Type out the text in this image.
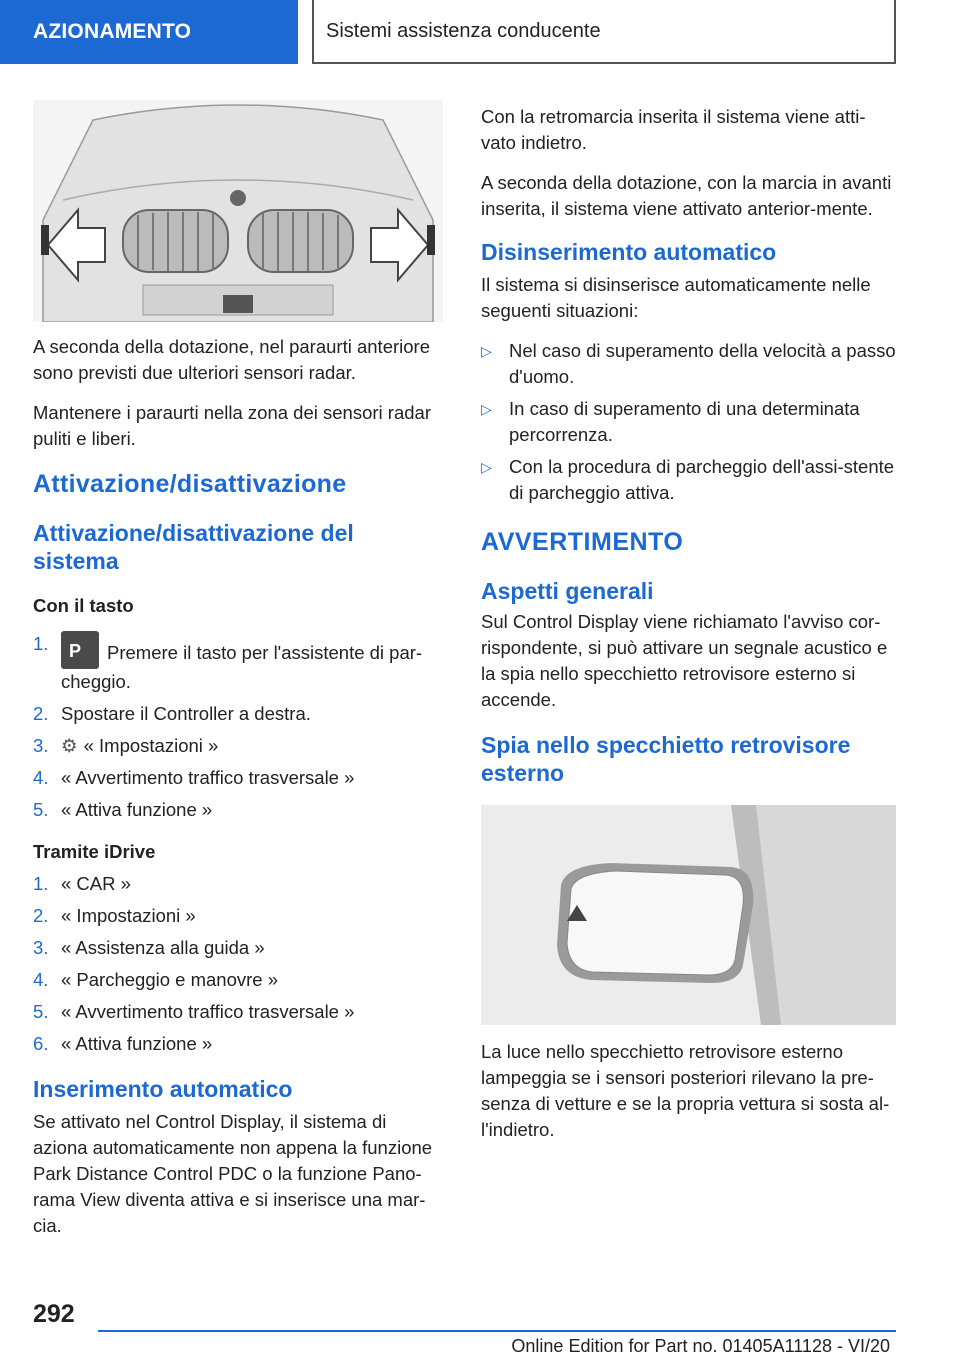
AZIONAMENTO	Sistemi assistenza conducente

A seconda della dotazione, nel paraurti anteriore sono previsti due ulteriori sensori radar.

Mantenere i paraurti nella zona dei sensori radar puliti e liberi.

Attivazione/disattivazione
Attivazione/disattivazione del sistema
Con il tasto
1.
P	Premere il tasto per l'assistente di par-cheggio.
2. Spostare il Controller a destra.
3. ⚙ « Impostazioni »
4. « Avvertimento traffico trasversale »
5. « Attiva funzione »
Tramite iDrive
1. « CAR »
2. « Impostazioni »
3. « Assistenza alla guida »
4. « Parcheggio e manovre »
5. « Avvertimento traffico trasversale »
6. « Attiva funzione »
Inserimento automatico

Se attivato nel Control Display, il sistema di aziona automaticamente non appena la funzione Park Distance Control PDC o la funzione Pano-rama View diventa attiva e si inserisce una mar-cia.

Con la retromarcia inserita il sistema viene atti-vato indietro.

A seconda della dotazione, con la marcia in avanti inserita, il sistema viene attivato anterior-mente.

Disinserimento automatico

Il sistema si disinserisce automaticamente nelle seguenti situazioni:

▷ Nel caso di superamento della velocità a passo d'uomo.
▷ In caso di superamento di una determinata percorrenza.
▷ Con la procedura di parcheggio dell'assi-stente di parcheggio attiva.
AVVERTIMENTO
Aspetti generali

Sul Control Display viene richiamato l'avviso cor-rispondente, si può attivare un segnale acustico e la spia nello specchietto retrovisore esterno si accende.

Spia nello specchietto retrovisore esterno

La luce nello specchietto retrovisore esterno lampeggia se i sensori posteriori rilevano la pre-senza di vetture e se la propria vettura si sosta al-l'indietro.

292
Online Edition for Part no. 01405A11128 - VI/20
